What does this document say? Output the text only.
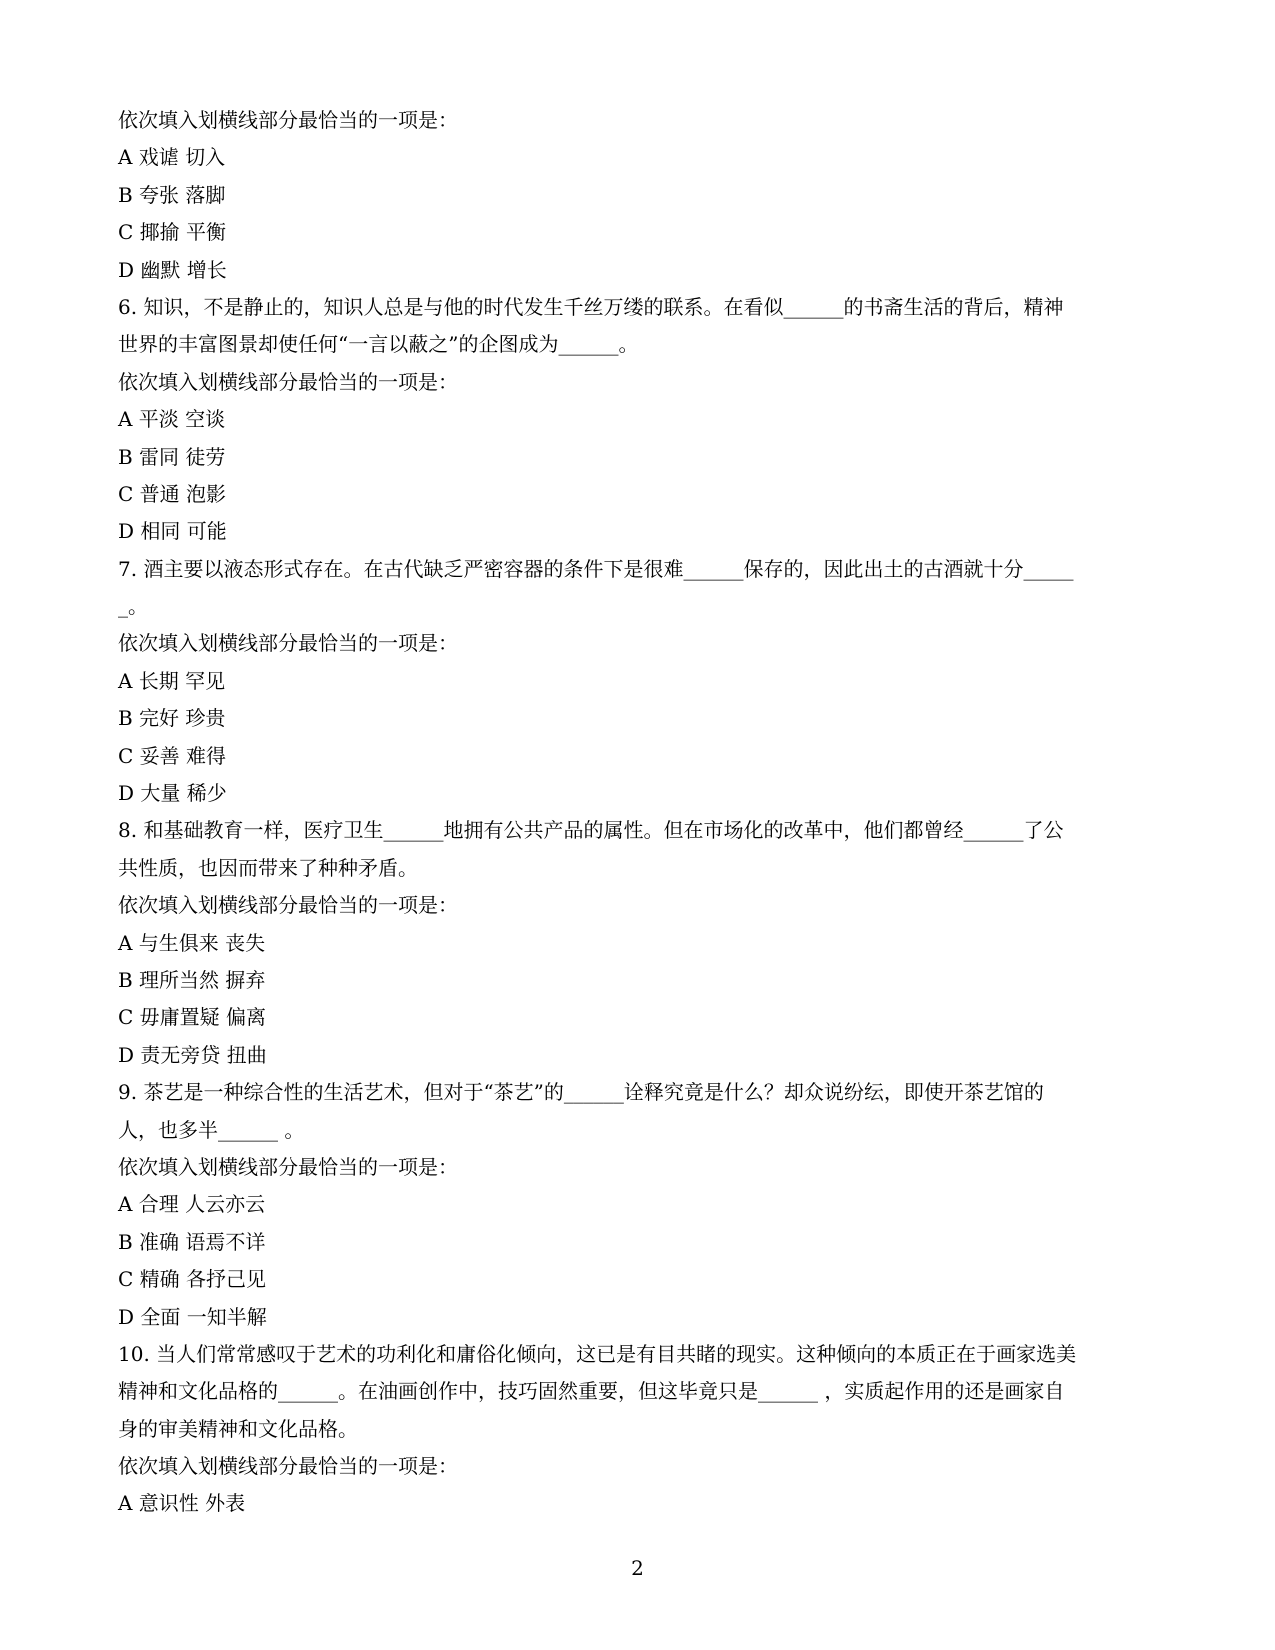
依次填入划横线部分最恰当的一项是：
A 戏谑 切入
B 夸张 落脚
C 揶揄 平衡
D 幽默 增长
6. 知识，不是静止的，知识人总是与他的时代发生千丝万缕的联系。在看似______的书斋生活的背后，精神
世界的丰富图景却使任何“一言以蔽之”的企图成为______。
依次填入划横线部分最恰当的一项是：
A 平淡 空谈
B 雷同 徒劳
C 普通 泡影
D 相同 可能
7. 酒主要以液态形式存在。在古代缺乏严密容器的条件下是很难______保存的，因此出土的古酒就十分_____
_。
依次填入划横线部分最恰当的一项是：
A 长期 罕见
B 完好 珍贵
C 妥善 难得
D 大量 稀少
8. 和基础教育一样，医疗卫生______地拥有公共产品的属性。但在市场化的改革中，他们都曾经______了公
共性质，也因而带来了种种矛盾。
依次填入划横线部分最恰当的一项是：
A 与生俱来 丧失
B 理所当然 摒弃
C 毋庸置疑 偏离
D 责无旁贷 扭曲
9. 茶艺是一种综合性的生活艺术，但对于“茶艺”的______诠释究竟是什么？却众说纷纭，即使开茶艺馆的
人，也多半______ 。
依次填入划横线部分最恰当的一项是：
A 合理 人云亦云
B 准确 语焉不详
C 精确 各抒己见
D 全面 一知半解
10. 当人们常常感叹于艺术的功利化和庸俗化倾向，这已是有目共睹的现实。这种倾向的本质正在于画家选美
精神和文化品格的______。在油画创作中，技巧固然重要，但这毕竟只是______ ，实质起作用的还是画家自
身的审美精神和文化品格。
依次填入划横线部分最恰当的一项是：
A 意识性 外表
2
